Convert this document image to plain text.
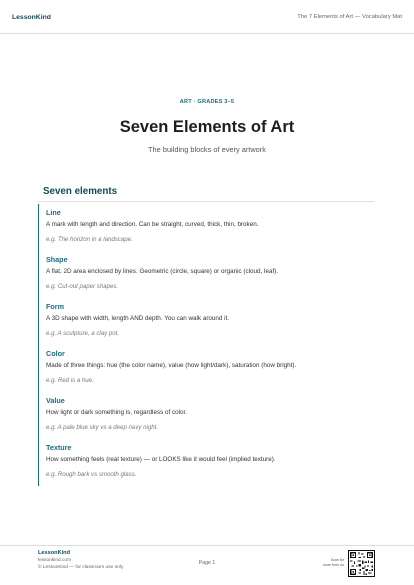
LessonKind	The 7 Elements of Art — Vocabulary Mat
ART · GRADES 3–5
Seven Elements of Art
The building blocks of every artwork
Seven elements
Line
A mark with length and direction. Can be straight, curved, thick, thin, broken.
e.g. The horizon in a landscape.
Shape
A flat, 2D area enclosed by lines. Geometric (circle, square) or organic (cloud, leaf).
e.g. Cut-out paper shapes.
Form
A 3D shape with width, length AND depth. You can walk around it.
e.g. A sculpture, a clay pot.
Color
Made of three things: hue (the color name), value (how light/dark), saturation (how bright).
e.g. Red is a hue.
Value
How light or dark something is, regardless of color.
e.g. A pale blue sky vs a deep navy night.
Texture
How something feels (real texture) — or LOOKS like it would feel (implied texture).
e.g. Rough bark vs smooth glass.
LessonKind
lessonkind.com
© LessonKind — for classroom use only
Page 1	Scan for
more from us
